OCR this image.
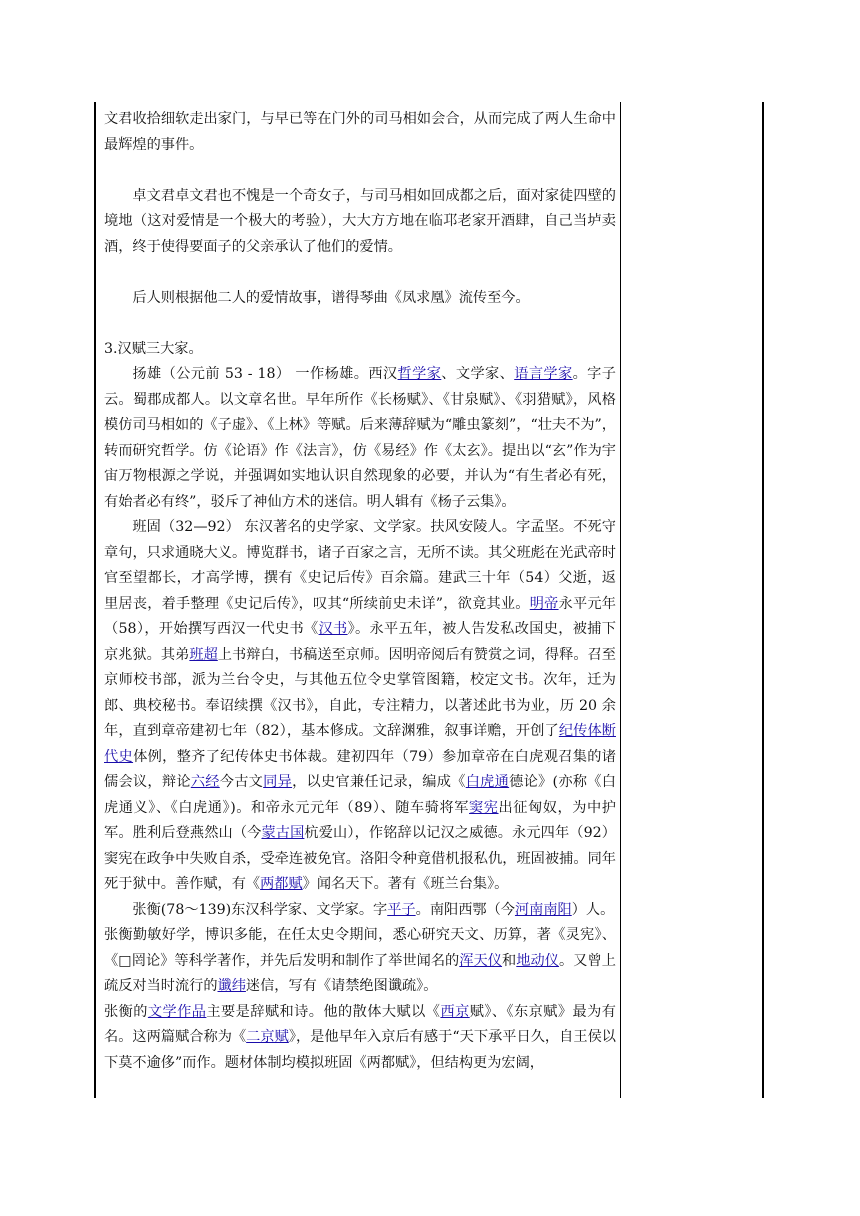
文君收拾细软走出家门，与早已等在门外的司马相如会合，从而完成了两人生命中最辉煌的事件。

卓文君卓文君也不愧是一个奇女子，与司马相如回成都之后，面对家徒四壁的境地（这对爱情是一个极大的考验），大大方方地在临邛老家开酒肆，自己当垆卖酒，终于使得要面子的父亲承认了他们的爱情。

后人则根据他二人的爱情故事，谱得琴曲《凤求凰》流传至今。

3.汉赋三大家。

扬雄（公元前 53 - 18） 一作杨雄。西汉哲学家、文学家、语言学家。字子云。蜀郡成都人。以文章名世。早年所作《长杨赋》、《甘泉赋》、《羽猎赋》，风格模仿司马相如的《子虚》、《上林》等赋。后来薄辞赋为“雕虫篆刻”，“壮夫不为”，转而研究哲学。仿《论语》作《法言》，仿《易经》作《太玄》。提出以“玄”作为宇宙万物根源之学说，并强调如实地认识自然现象的必要，并认为“有生者必有死，有始者必有终”，驳斥了神仙方术的迷信。明人辑有《杨子云集》。

班固（32—92） 东汉著名的史学家、文学家。扶风安陵人。字孟坚。不死守章句，只求通晓大义。博览群书，诸子百家之言，无所不读。其父班彪在光武帝时官至望都长，才高学博，撰有《史记后传》百余篇。建武三十年（54）父逝，返里居丧，着手整理《史记后传》，叹其“所续前史未详”，欲竟其业。明帝永平元年（58），开始撰写西汉一代史书《汉书》。永平五年，被人告发私改国史，被捕下京兆狱。其弟班超上书辩白，书稿送至京师。因明帝阅后有赞赏之词，得释。召至京师校书部，派为兰台令史，与其他五位令史掌管图籍，校定文书。次年，迁为郎、典校秘书。奉诏续撰《汉书》，自此，专注精力，以著述此书为业，历 20 余年，直到章帝建初七年（82），基本修成。文辞渊雅，叙事详赡，开创了纪传体断代史体例，整齐了纪传体史书体裁。建初四年（79）参加章帝在白虎观召集的诸儒会议，辩论六经今古文同异，以史官兼任记录，编成《白虎通德论》(亦称《白虎通义》、《白虎通》)。和帝永元元年（89）、随车骑将军窦宪出征匈奴，为中护军。胜利后登燕然山（今蒙古国杭爱山），作铭辞以记汉之威德。永元四年（92）窦宪在政争中失败自杀，受牵连被免官。洛阳令种竟借机报私仇，班固被捕。同年死于狱中。善作赋，有《两都赋》闻名天下。著有《班兰台集》。

张衡(78～139)东汉科学家、文学家。字平子。南阳西鄂（今河南南阳）人。

张衡勤敏好学，博识多能，在任太史令期间，悉心研究天文、历算，著《灵宪》、《□罔论》等科学著作，并先后发明和制作了举世闻名的浑天仪和地动仪。又曾上疏反对当时流行的谶纬迷信，写有《请禁绝图谶疏》。

张衡的文学作品主要是辞赋和诗。他的散体大赋以《西京赋》、《东京赋》最为有名。这两篇赋合称为《二京赋》，是他早年入京后有感于“天下承平日久，自王侯以下莫不逾侈”而作。题材体制均模拟班固《两都赋》，但结构更为宏阔，
